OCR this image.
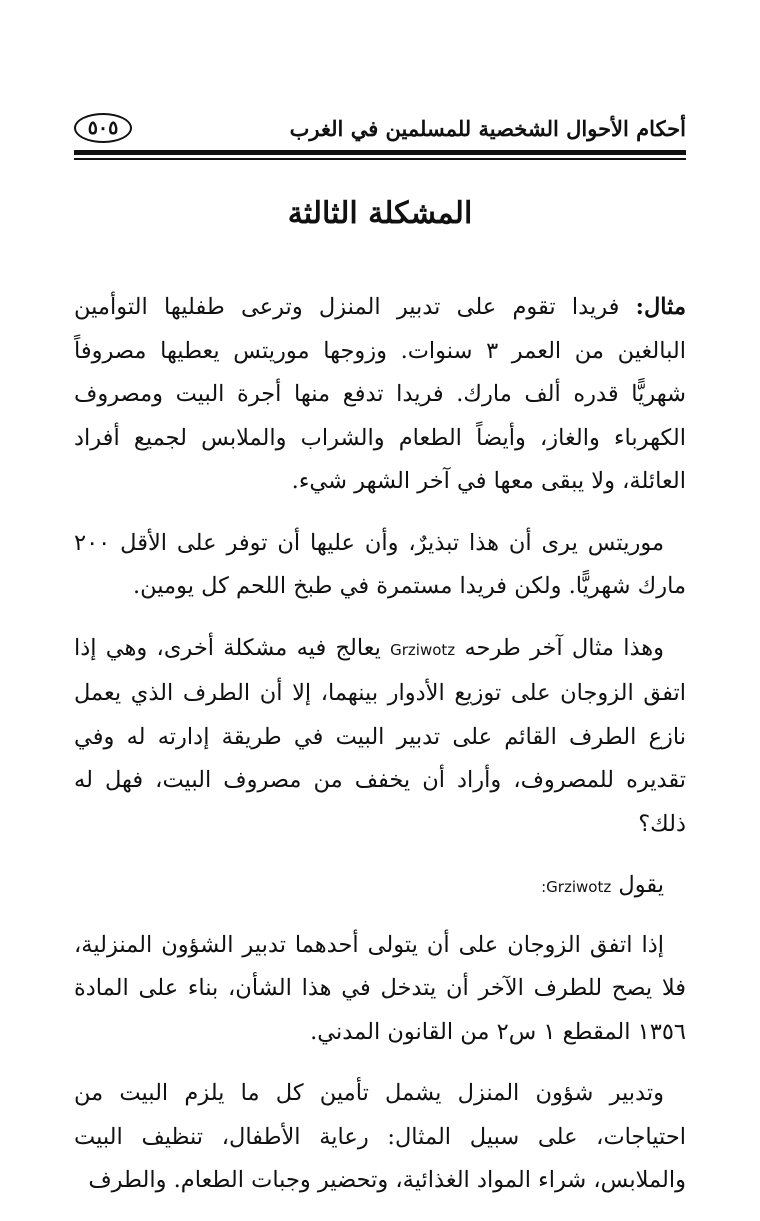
أحكام الأحوال الشخصية للمسلمين في الغرب
٥٠٥
المشكلة الثالثة

مثال: فريدا تقوم على تدبير المنزل وترعى طفليها التوأمين البالغين من العمر ٣ سنوات. وزوجها موريتس يعطيها مصروفاً شهريًّا قدره ألف مارك. فريدا تدفع منها أجرة البيت ومصروف الكهرباء والغاز، وأيضاً الطعام والشراب والملابس لجميع أفراد العائلة، ولا يبقى معها في آخر الشهر شيء.

موريتس يرى أن هذا تبذيرٌ، وأن عليها أن توفر على الأقل ٢٠٠ مارك شهريًّا. ولكن فريدا مستمرة في طبخ اللحم كل يومين.

وهذا مثال آخر طرحه Grziwotz يعالج فيه مشكلة أخرى، وهي إذا اتفق الزوجان على توزيع الأدوار بينهما، إلا أن الطرف الذي يعمل نازع الطرف القائم على تدبير البيت في طريقة إدارته له وفي تقديره للمصروف، وأراد أن يخفف من مصروف البيت، فهل له ذلك؟

يقول Grziwotz:

إذا اتفق الزوجان على أن يتولى أحدهما تدبير الشؤون المنزلية، فلا يصح للطرف الآخر أن يتدخل في هذا الشأن، بناء على المادة ١٣٥٦ المقطع ١ س٢ من القانون المدني.

وتدبير شؤون المنزل يشمل تأمين كل ما يلزم البيت من احتياجات، على سبيل المثال: رعاية الأطفال، تنظيف البيت والملابس، شراء المواد الغذائية، وتحضير وجبات الطعام. والطرف
